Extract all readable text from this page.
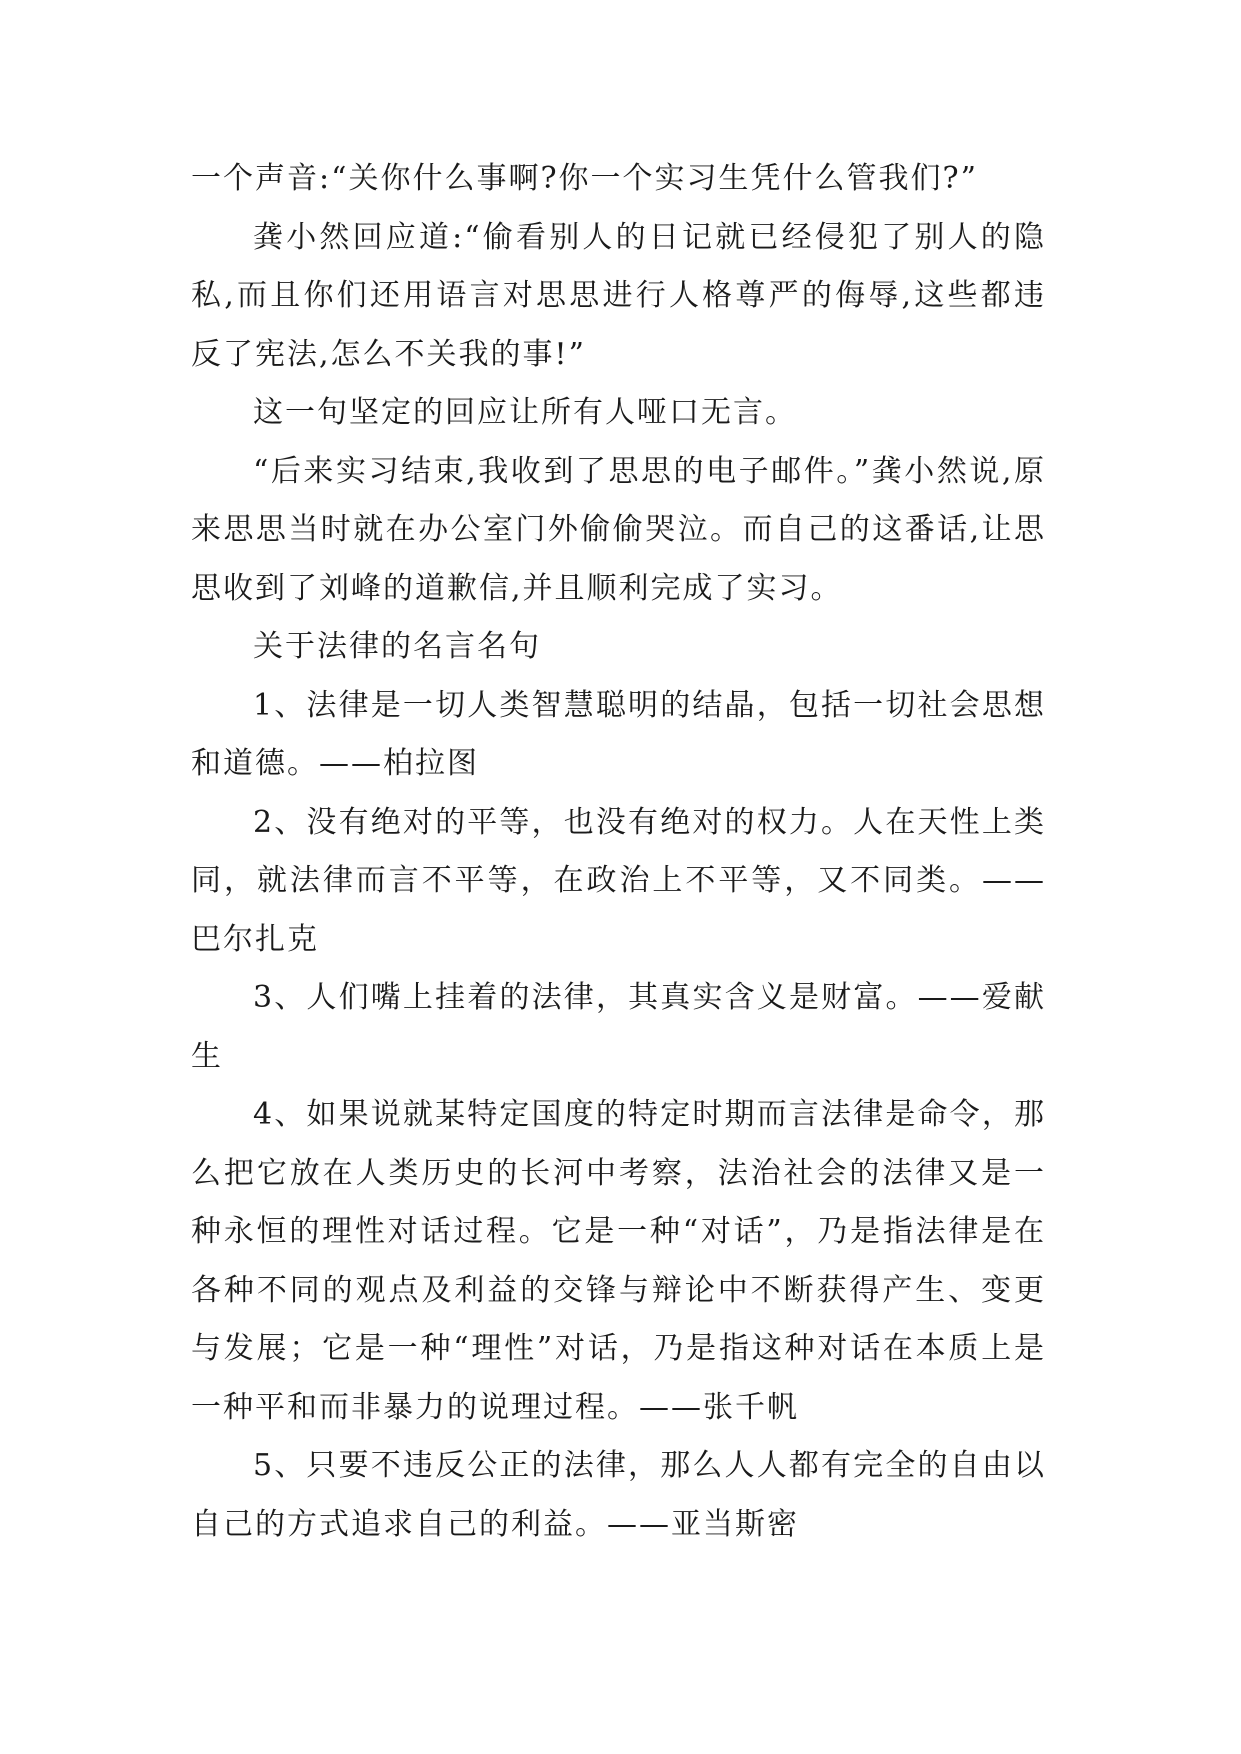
一个声音:“关你什么事啊?你一个实习生凭什么管我们?”

龚小然回应道:“偷看别人的日记就已经侵犯了别人的隐私,而且你们还用语言对思思进行人格尊严的侮辱,这些都违反了宪法,怎么不关我的事!”

这一句坚定的回应让所有人哑口无言。

“后来实习结束,我收到了思思的电子邮件。”龚小然说,原来思思当时就在办公室门外偷偷哭泣。而自己的这番话,让思思收到了刘峰的道歉信,并且顺利完成了实习。

关于法律的名言名句

1、法律是一切人类智慧聪明的结晶，包括一切社会思想和道德。——柏拉图

2、没有绝对的平等，也没有绝对的权力。人在天性上类同，就法律而言不平等，在政治上不平等，又不同类。——巴尔扎克

3、人们嘴上挂着的法律，其真实含义是财富。——爱献生

4、如果说就某特定国度的特定时期而言法律是命令，那么把它放在人类历史的长河中考察，法治社会的法律又是一种永恒的理性对话过程。它是一种“对话”，乃是指法律是在各种不同的观点及利益的交锋与辩论中不断获得产生、变更与发展；它是一种“理性”对话，乃是指这种对话在本质上是一种平和而非暴力的说理过程。——张千帆

5、只要不违反公正的法律，那么人人都有完全的自由以自己的方式追求自己的利益。——亚当斯密
